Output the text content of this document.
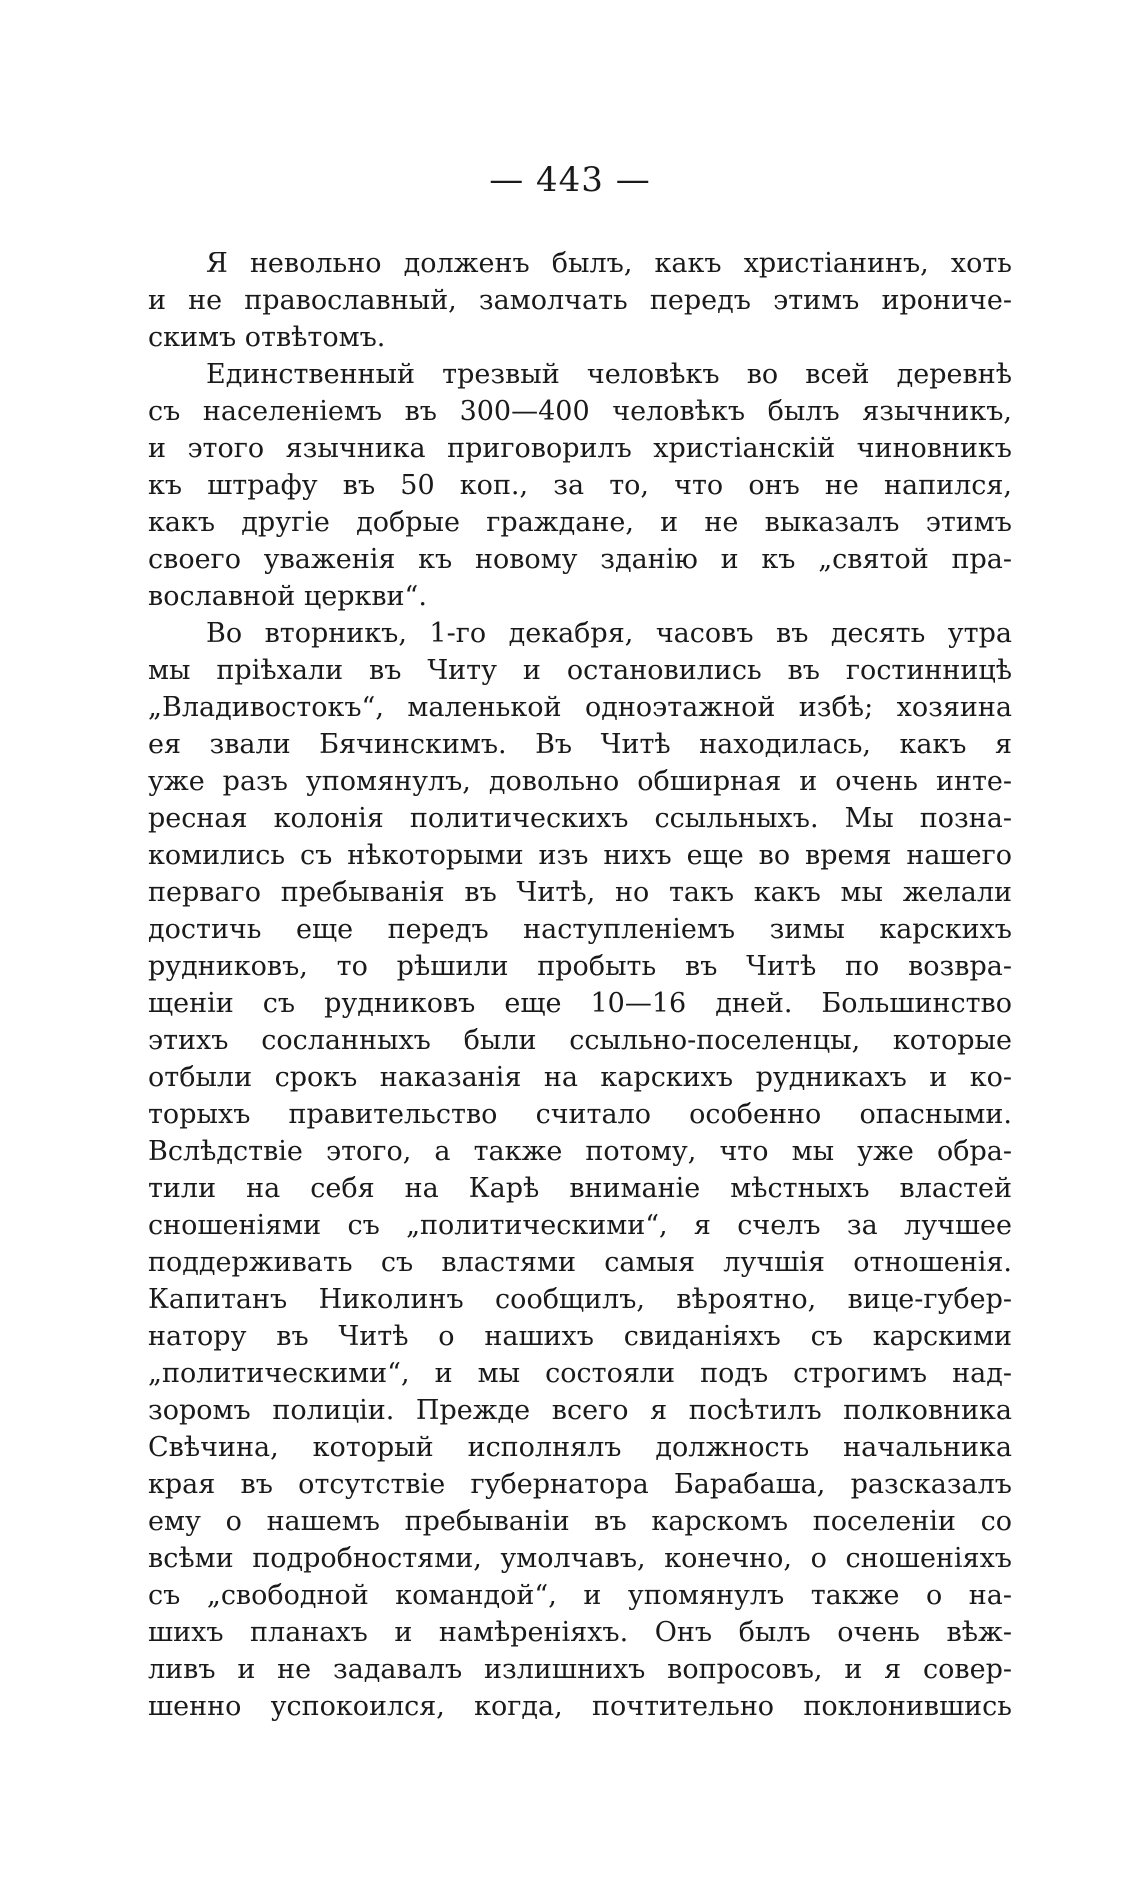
— 443 —
Я невольно долженъ былъ, какъ христіанинъ, хоть
и не православный, замолчать передъ этимъ ироничe-
скимъ отвѣтомъ.
Единственный трезвый человѣкъ во всей деревнѣ
съ населеніемъ въ 300—400 человѣкъ былъ язычникъ,
и этого язычника приговорилъ христіанскій чиновникъ
къ штрафу въ 50 коп., за то, что онъ не напился,
какъ другіе добрые граждане, и не выказалъ этимъ
своего уваженія къ новому зданію и къ „святой пра-
вославной церкви“.
Во вторникъ, 1-го декабря, часовъ въ десять утра
мы пріѣхали въ Читу и остановились въ гостинницѣ
„Владивостокъ“, маленькой одноэтажной избѣ; хозяина
ея звали Бячинскимъ. Въ Читѣ находилась, какъ я
уже разъ упомянулъ, довольно обширная и очень инте-
ресная колонія политическихъ ссыльныхъ. Мы позна-
комились съ нѣкоторыми изъ нихъ еще во время нашего
перваго пребыванія въ Читѣ, но такъ какъ мы желали
достичь еще передъ наступленіемъ зимы карскихъ
рудниковъ, то рѣшили пробыть въ Читѣ по возвра-
щеніи съ рудниковъ еще 10—16 дней. Большинство
этихъ сосланныхъ были ссыльно-поселенцы, которые
отбыли срокъ наказанія на карскихъ рудникахъ и ко-
торыхъ правительство считало особенно опасными.
Вслѣдствіе этого, а также потому, что мы уже обра-
тили на себя на Карѣ вниманіе мѣстныхъ властей
сношеніями съ „политическими“, я счелъ за лучшее
поддерживать съ властями самыя лучшія отношенія.
Капитанъ Николинъ сообщилъ, вѣроятно, вице-губер-
натору въ Читѣ о нашихъ свиданіяхъ съ карскими
„политическими“, и мы состояли подъ строгимъ над-
зоромъ полиціи. Прежде всего я посѣтилъ полковника
Свѣчина, который исполнялъ должность начальника
края въ отсутствіе губернатора Барабаша, разсказалъ
ему о нашемъ пребываніи въ карскомъ поселеніи со
всѣми подробностями, умолчавъ, конечно, о сношеніяхъ
съ „свободной командой“, и упомянулъ также о на-
шихъ планахъ и намѣреніяхъ. Онъ былъ очень вѣж-
ливъ и не задавалъ излишнихъ вопросовъ, и я совер-
шенно успокоился, когда, почтительно поклонившись
